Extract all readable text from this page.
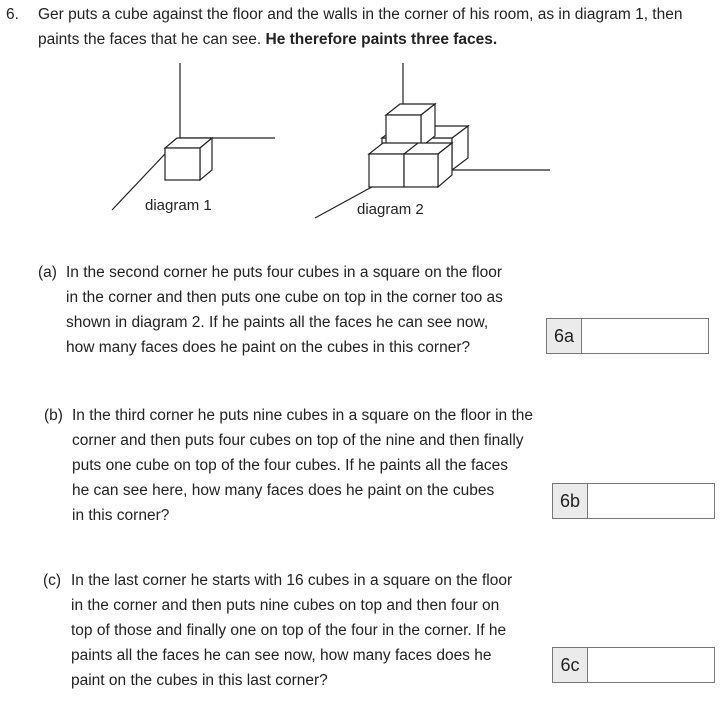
6. Ger puts a cube against the floor and the walls in the corner of his room, as in diagram 1, then
paints the faces that he can see. He therefore paints three faces.
diagram 1	diagram 2
(a) In the second corner he puts four cubes in a square on the floor
in the corner and then puts one cube on top in the corner too as
shown in diagram 2. If he paints all the faces he can see now,
how many faces does he paint on the cubes in this corner?
6a
(b) In the third corner he puts nine cubes in a square on the floor in the
corner and then puts four cubes on top of the nine and then finally
puts one cube on top of the four cubes. If he paints all the faces
he can see here, how many faces does he paint on the cubes
in this corner?
6b
(c) In the last corner he starts with 16 cubes in a square on the floor
in the corner and then puts nine cubes on top and then four on
top of those and finally one on top of the four in the corner. If he
paints all the faces he can see now, how many faces does he
paint on the cubes in this last corner?
6c
